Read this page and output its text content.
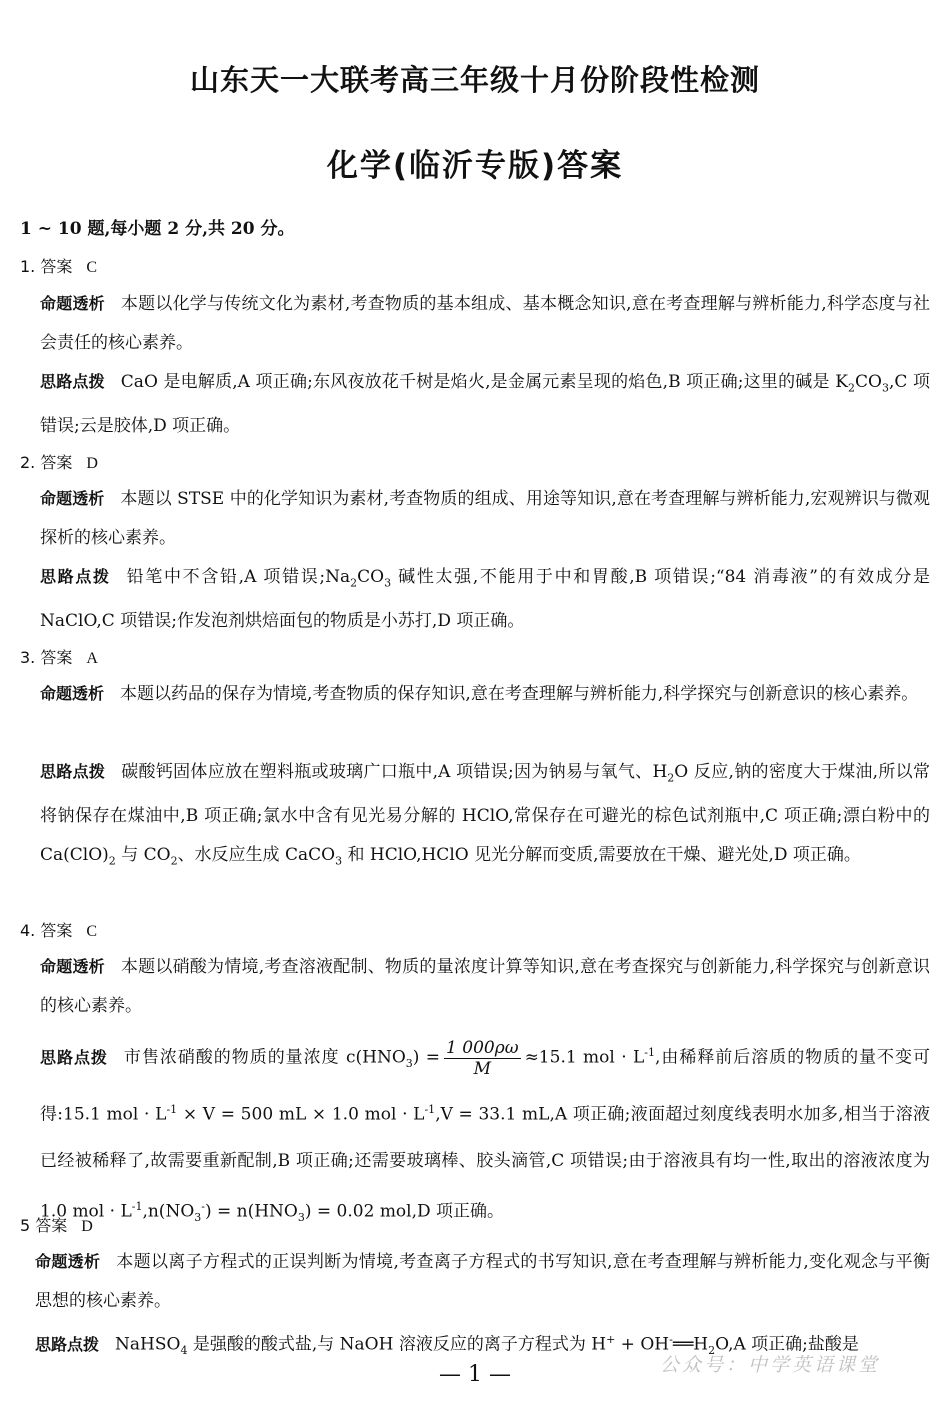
山东天一大联考高三年级十月份阶段性检测
化学(临沂专版)答案
1 ~ 10 题,每小题 2 分,共 20 分。
1. 答案 C
命题透析 本题以化学与传统文化为素材,考查物质的基本组成、基本概念知识,意在考查理解与辨析能力,科学态度与社会责任的核心素养。
思路点拨 CaO 是电解质,A 项正确;东风夜放花千树是焰火,是金属元素呈现的焰色,B 项正确;这里的碱是 $K_2CO_3,C$ 项错误;云是胶体,D 项正确。
2. 答案 D
命题透析 本题以 STSE 中的化学知识为素材,考查物质的组成、用途等知识,意在考查理解与辨析能力,宏观辨识与微观探析的核心素养。
思路点拨 铅笔中不含铅,A 项错误$;Na_2CO_3$ 碱性太强,不能用于中和胃酸,B 项错误;“84 消毒液”的有效成分是 NaClO,C 项错误;作发泡剂烘焙面包的物质是小苏打,D 项正确。
3. 答案 A
命题透析 本题以药品的保存为情境,考查物质的保存知识,意在考查理解与辨析能力,科学探究与创新意识的核心素养。
思路点拨 碳酸钙固体应放在塑料瓶或玻璃广口瓶中,A 项错误;因为钠易与氧气、$H_2O$ 反应,钠的密度大于煤油,所以常将钠保存在煤油中,B 项正确;氯水中含有见光易分解的 HClO,常保存在可避光的棕色试剂瓶中,C 项正确;漂白粉中的 $Ca(ClO)_2$ 与 $CO_2$、水反应生成 CaCO$_3$ 和 HClO,HClO 见光分解而变质,需要放在干燥、避光处,D 项正确。
4. 答案 C
命题透析 本题以硝酸为情境,考查溶液配制、物质的量浓度计算等知识,意在考查探究与创新能力,科学探究与创新意识的核心素养。
思路点拨 市售浓硝酸的物质的量浓度 $c(HNO_3) = \frac{1 000\rho\omega}{M} \approx 15.1$ mol · $L^{-1}$,由稀释前后溶质的物质的量不变可得:15.1 mol · $L^{-1} \times V = 500$ mL × 1.0 mol · $L^{-1},V = 33.1$ mL,A 项正确;液面超过刻度线表明水加多,相当于溶液已经被稀释了,故需要重新配制,B 项正确;还需要玻璃棒、胶头滴管,C 项错误;由于溶液具有均一性,取出的溶液浓度为 1.0 mol · $L^{-1},n(NO_3^-) = n(HNO_3) = 0.02$ mol,D 项正确。
5 答案 D
命题透析 本题以离子方程式的正误判断为情境,考查离子方程式的书写知识,意在考查理解与辨析能力,变化观念与平衡思想的核心素养。
思路点拨 NaHSO$_4$ 是强酸的酸式盐,与 NaOH 溶液反应的离子方程式为 $H^+ + OH^-══H_2O,A$ 项正确;盐酸是
公众号：中学英语课堂
— 1 —
